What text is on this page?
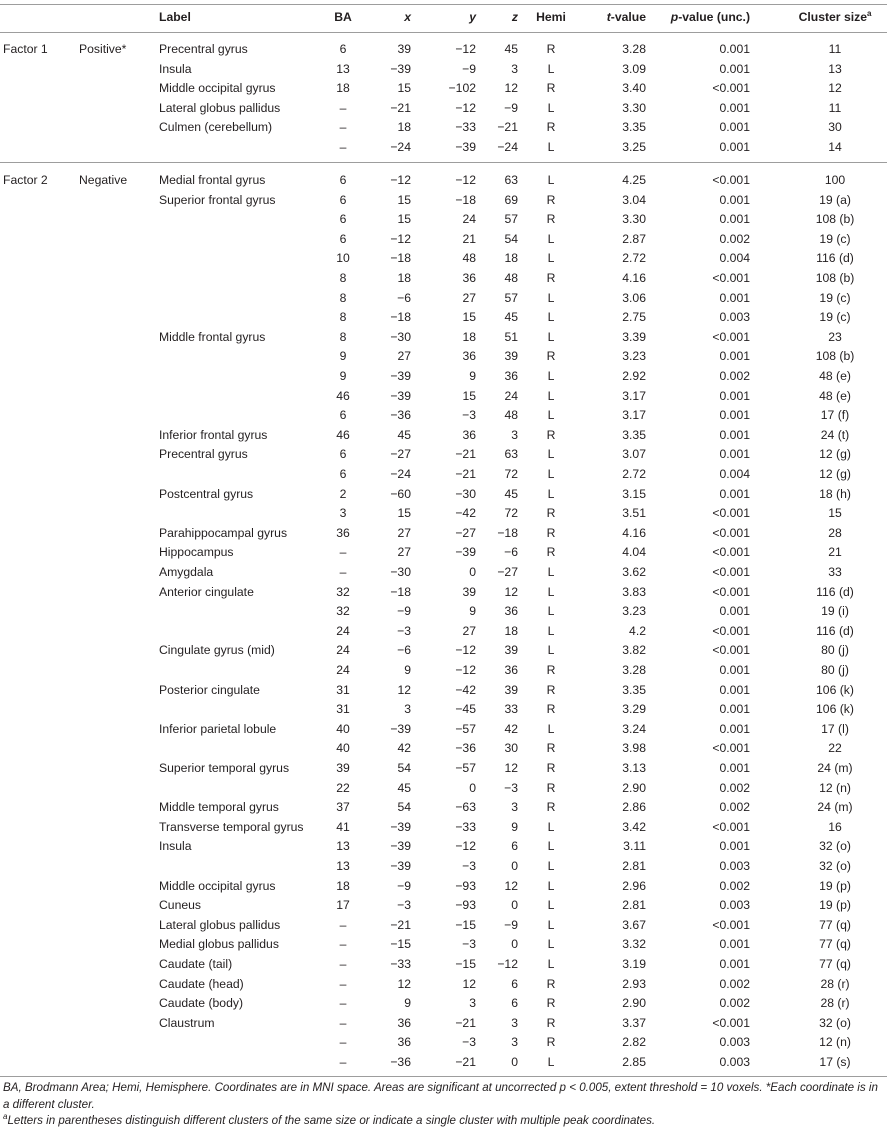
Label	BA	x	y	z	Hemi	t-value	p-value (unc.)	Cluster size$^a$
Factor 1	Positive*	Precentral gyrus	6	39	−12	45	R	3.28	0.001	11
Insula	13	−39	−9	3	L	3.09	0.001	13
Middle occipital gyrus	18	15	−102	12	R	3.40	<0.001	12
Lateral globus pallidus	–	−21	−12	−9	L	3.30	0.001	11
Culmen (cerebellum)	–	18	−33	−21	R	3.35	0.001	30
–	−24	−39	−24	L	3.25	0.001	14
Factor 2	Negative	Medial frontal gyrus	6	−12	−12	63	L	4.25	<0.001	100
Superior frontal gyrus	6	15	−18	69	R	3.04	0.001	19 (a)
6	15	24	57	R	3.30	0.001	108 (b)
6	−12	21	54	L	2.87	0.002	19 (c)
10	−18	48	18	L	2.72	0.004	116 (d)
8	18	36	48	R	4.16	<0.001	108 (b)
8	−6	27	57	L	3.06	0.001	19 (c)
8	−18	15	45	L	2.75	0.003	19 (c)
Middle frontal gyrus	8	−30	18	51	L	3.39	<0.001	23
9	27	36	39	R	3.23	0.001	108 (b)
9	−39	9	36	L	2.92	0.002	48 (e)
46	−39	15	24	L	3.17	0.001	48 (e)
6	−36	−3	48	L	3.17	0.001	17 (f)
Inferior frontal gyrus	46	45	36	3	R	3.35	0.001	24 (t)
Precentral gyrus	6	−27	−21	63	L	3.07	0.001	12 (g)
6	−24	−21	72	L	2.72	0.004	12 (g)
Postcentral gyrus	2	−60	−30	45	L	3.15	0.001	18 (h)
3	15	−42	72	R	3.51	<0.001	15
Parahippocampal gyrus	36	27	−27	−18	R	4.16	<0.001	28
Hippocampus	–	27	−39	−6	R	4.04	<0.001	21
Amygdala	–	−30	0	−27	L	3.62	<0.001	33
Anterior cingulate	32	−18	39	12	L	3.83	<0.001	116 (d)
32	−9	9	36	L	3.23	0.001	19 (i)
24	−3	27	18	L	4.2	<0.001	116 (d)
Cingulate gyrus (mid)	24	−6	−12	39	L	3.82	<0.001	80 (j)
24	9	−12	36	R	3.28	0.001	80 (j)
Posterior cingulate	31	12	−42	39	R	3.35	0.001	106 (k)
31	3	−45	33	R	3.29	0.001	106 (k)
Inferior parietal lobule	40	−39	−57	42	L	3.24	0.001	17 (l)
40	42	−36	30	R	3.98	<0.001	22
Superior temporal gyrus	39	54	−57	12	R	3.13	0.001	24 (m)
22	45	0	−3	R	2.90	0.002	12 (n)
Middle temporal gyrus	37	54	−63	3	R	2.86	0.002	24 (m)
Transverse temporal gyrus	41	−39	−33	9	L	3.42	<0.001	16
Insula	13	−39	−12	6	L	3.11	0.001	32 (o)
13	−39	−3	0	L	2.81	0.003	32 (o)
Middle occipital gyrus	18	−9	−93	12	L	2.96	0.002	19 (p)
Cuneus	17	−3	−93	0	L	2.81	0.003	19 (p)
Lateral globus pallidus	–	−21	−15	−9	L	3.67	<0.001	77 (q)
Medial globus pallidus	–	−15	−3	0	L	3.32	0.001	77 (q)
Caudate (tail)	–	−33	−15	−12	L	3.19	0.001	77 (q)
Caudate (head)	–	12	12	6	R	2.93	0.002	28 (r)
Caudate (body)	–	9	3	6	R	2.90	0.002	28 (r)
Claustrum	–	36	−21	3	R	3.37	<0.001	32 (o)
–	36	−3	3	R	2.82	0.003	12 (n)
–	−36	−21	0	L	2.85	0.003	17 (s)

BA, Brodmann Area; Hemi, Hemisphere. Coordinates are in MNI space. Areas are significant at uncorrected p < 0.005, extent threshold = 10 voxels. *Each coordinate is in a different cluster.

$^a$Letters in parentheses distinguish different clusters of the same size or indicate a single cluster with multiple peak coordinates.
